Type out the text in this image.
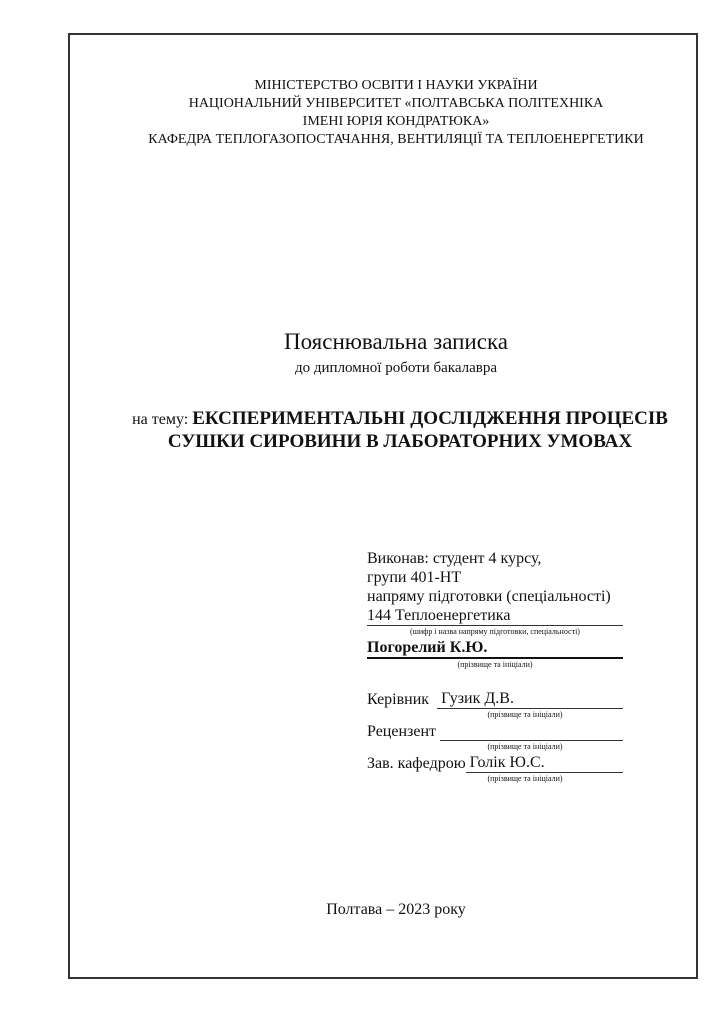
МІНІСТЕРСТВО ОСВІТИ І НАУКИ УКРАЇНИ
НАЦІОНАЛЬНИЙ УНІВЕРСИТЕТ «ПОЛТАВСЬКА ПОЛІТЕХНІКА
ІМЕНІ ЮРІЯ КОНДРАТЮКА»
КАФЕДРА ТЕПЛОГАЗОПОСТАЧАННЯ, ВЕНТИЛЯЦІЇ ТА ТЕПЛОЕНЕРГЕТИКИ
Пояснювальна записка
до дипломної роботи бакалавра
на тему: ЕКСПЕРИМЕНТАЛЬНІ ДОСЛІДЖЕННЯ ПРОЦЕСІВ
СУШКИ СИРОВИНИ В ЛАБОРАТОРНИХ УМОВАХ
Виконав: студент 4 курсу,
групи 401-НТ
напряму підготовки (спеціальності)
144 Теплоенергетика
(шифр і назва напряму підготовки, спеціальності)
Погорелий К.Ю.
(прізвище та ініціали)
Керівник Гузик Д.В.
(прізвище та ініціали)
Рецензент

(прізвище та ініціали)
Зав. кафедрою Голік Ю.С.
(прізвище та ініціали)
Полтава – 2023 року
